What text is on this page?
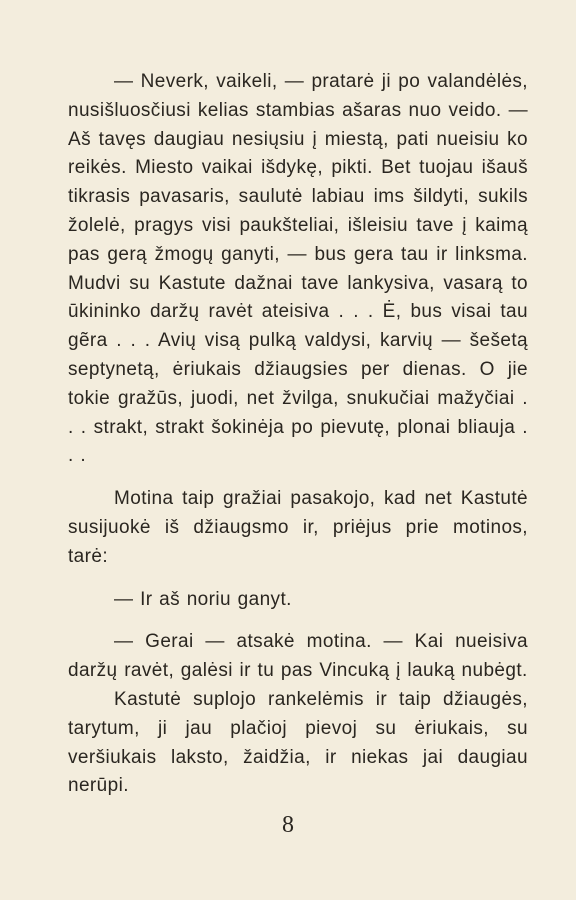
— Neverk, vaikeli, — pratarė ji po valandėlės, nusišluosčiusi kelias stambias ašaras nuo veido. — Aš tavęs daugiau nesiųsiu į miestą, pati nueisiu ko reikės. Miesto vaikai išdykę, pikti. Bet tuojau išauš tikrasis pavasaris, saulutė labiau ims šildyti, sukils žolelė, pragys visi paukšteliai, išleisiu tave į kaimą pas gerą žmogų ganyti, — bus gera tau ir linksma. Mudvi su Kastute dažnai tave lankysiva, vasarą to ūkininko daržų ravėt ateisiva . . . Ė, bus visai tau gẽra . . . Avių visą pulką valdysi, karvių — šešetą septynetą, ėriukais džiaugsies per dienas. O jie tokie gražūs, juodi, net žvilga, snukučiai mažyčiai . . . strakt, strakt šokinėja po pievutę, plonai bliauja . . .

Motina taip gražiai pasakojo, kad net Kastutė susijuokė iš džiaugsmo ir, priėjus prie motinos, tarė:

— Ir aš noriu ganyt.

— Gerai — atsakė motina. — Kai nueisiva daržų ravėt, galėsi ir tu pas Vincuką į lauką nubėgt.

Kastutė suplojo rankelėmis ir taip džiaugės, tarytum, ji jau plačioj pievoj su ėriukais, su veršiukais laksto, žaidžia, ir niekas jai daugiau nerūpi.

8
